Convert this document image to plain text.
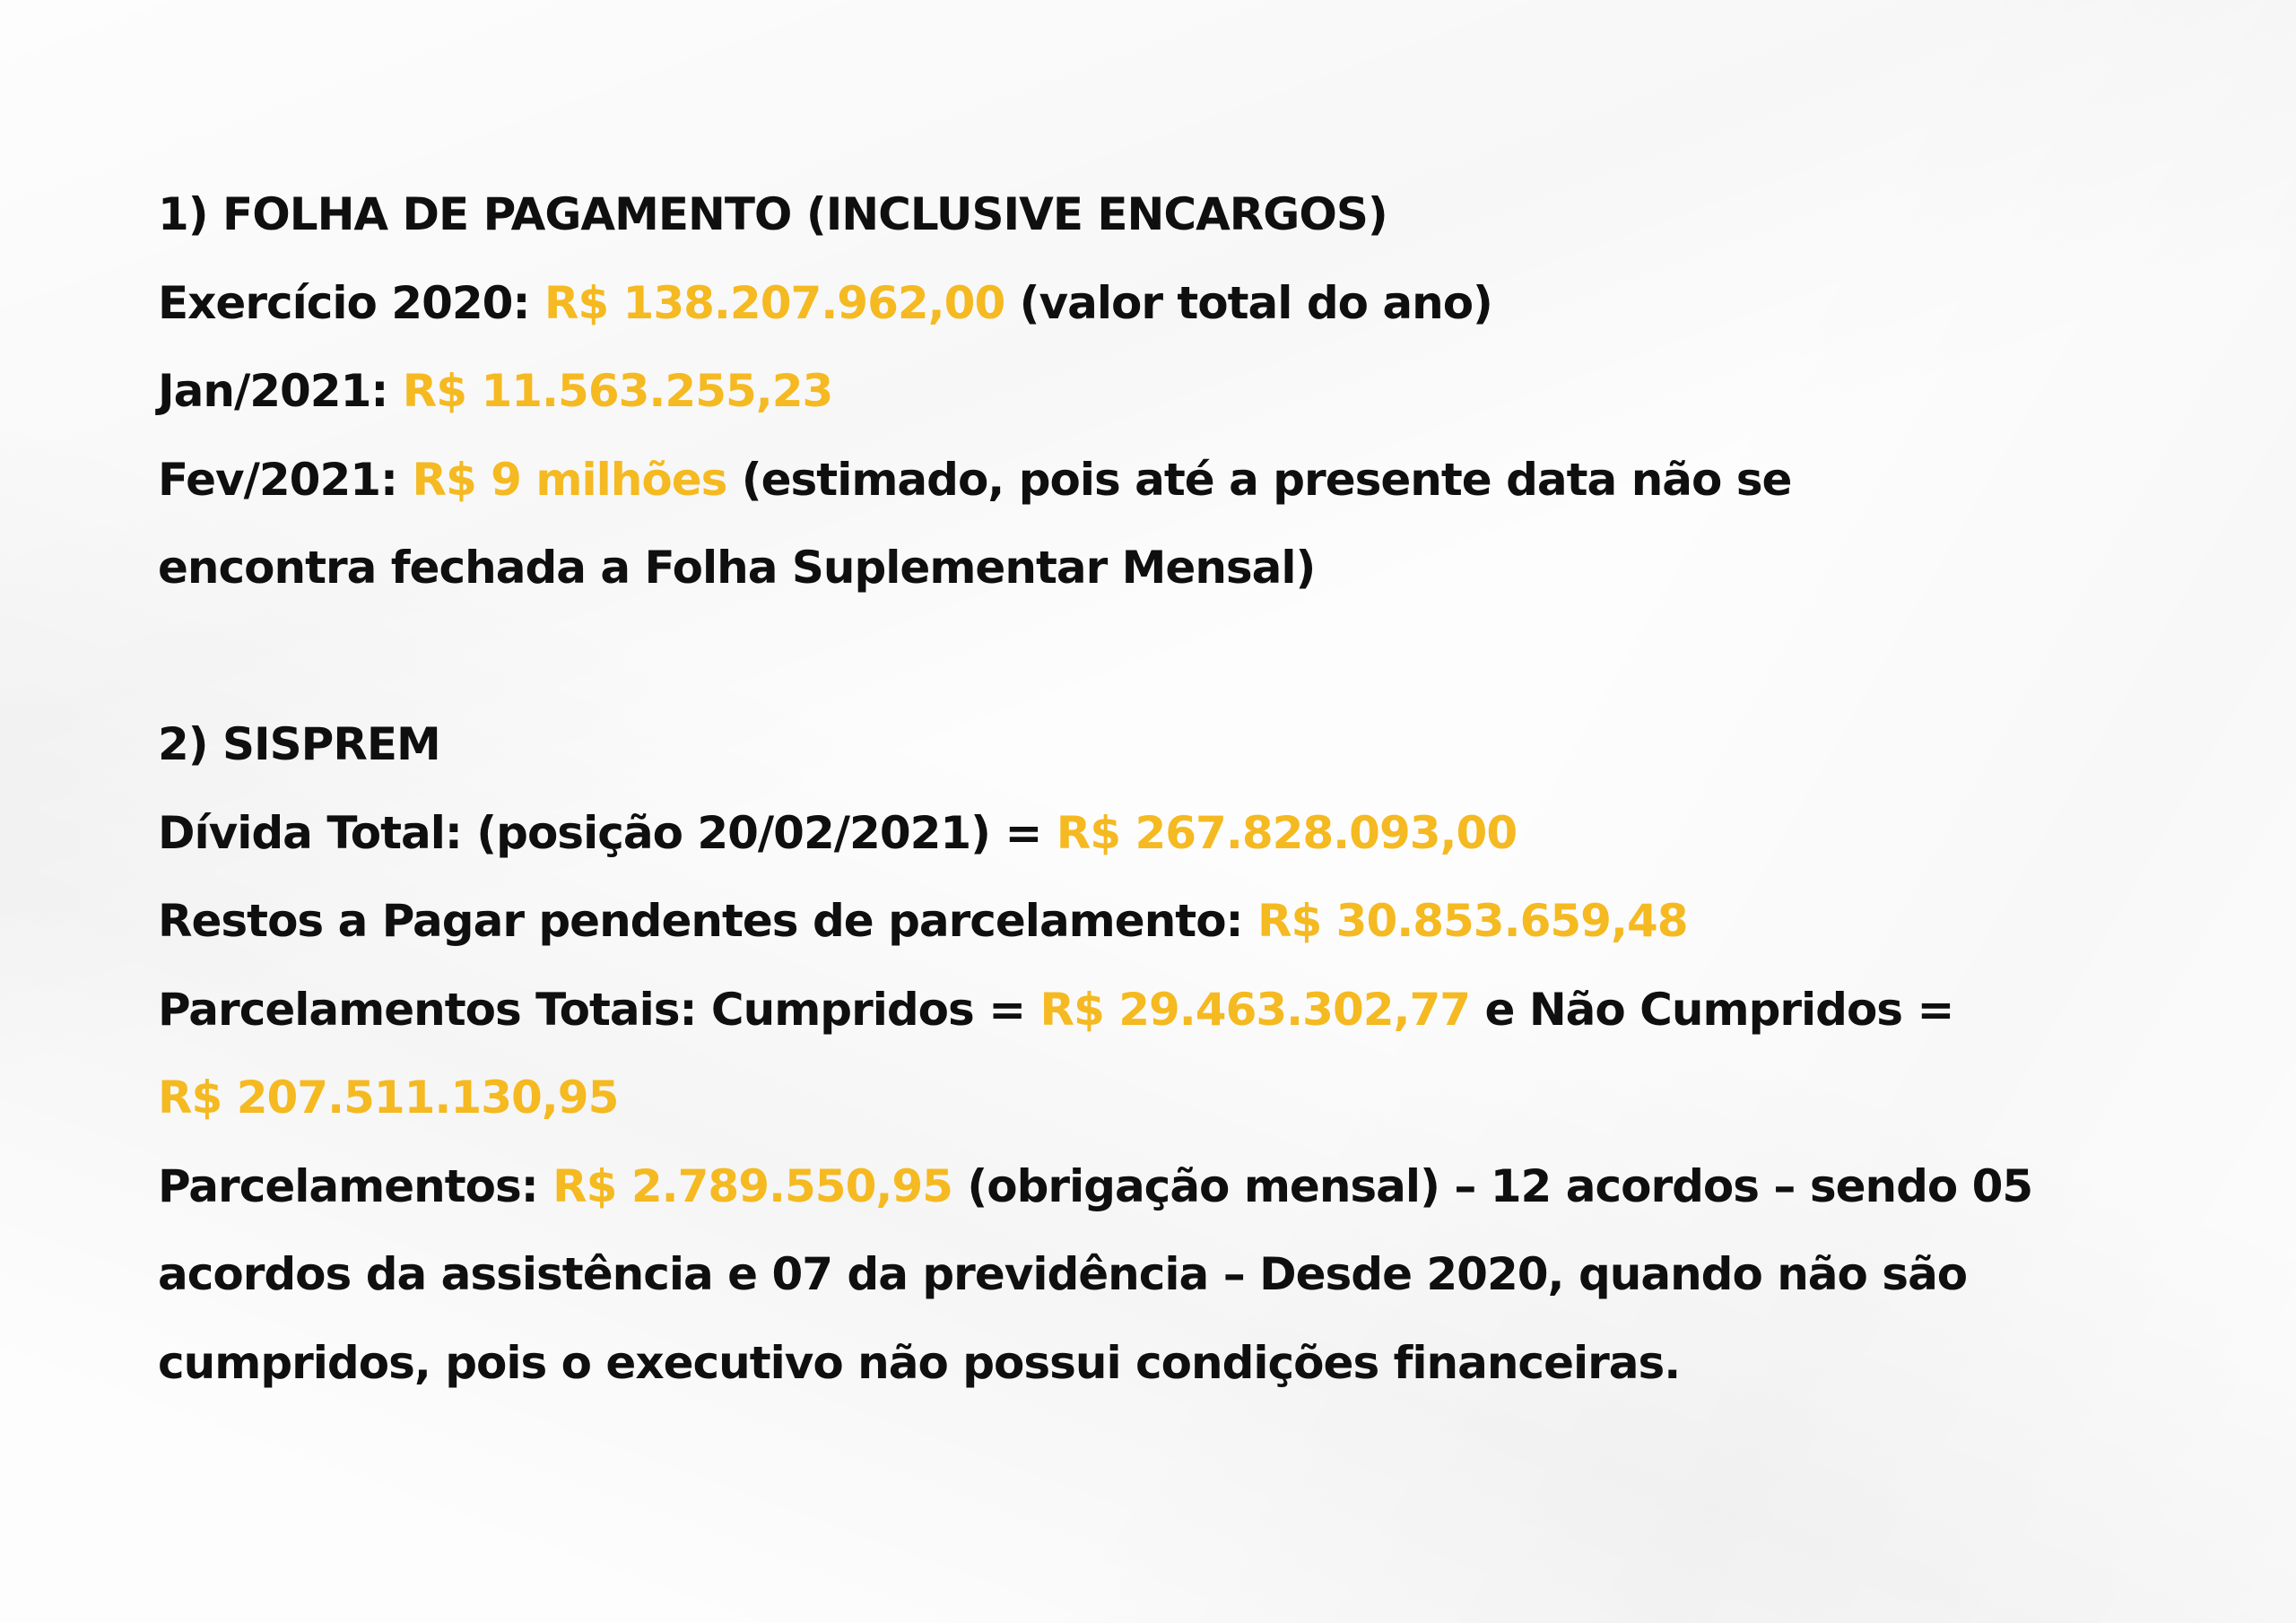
1) FOLHA DE PAGAMENTO (INCLUSIVE ENCARGOS)
Exercício 2020: R$ 138.207.962,00 (valor total do ano)
Jan/2021: R$ 11.563.255,23
Fev/2021: R$ 9 milhões (estimado, pois até a presente data não se
encontra fechada a Folha Suplementar Mensal)
2) SISPREM
Dívida Total: (posição 20/02/2021) = R$ 267.828.093,00
Restos a Pagar pendentes de parcelamento: R$ 30.853.659,48
Parcelamentos Totais: Cumpridos = R$ 29.463.302,77 e Não Cumpridos =
R$ 207.511.130,95
Parcelamentos: R$ 2.789.550,95 (obrigação mensal) – 12 acordos – sendo 05
acordos da assistência e 07 da previdência – Desde 2020, quando não são
cumpridos, pois o executivo não possui condições financeiras.
